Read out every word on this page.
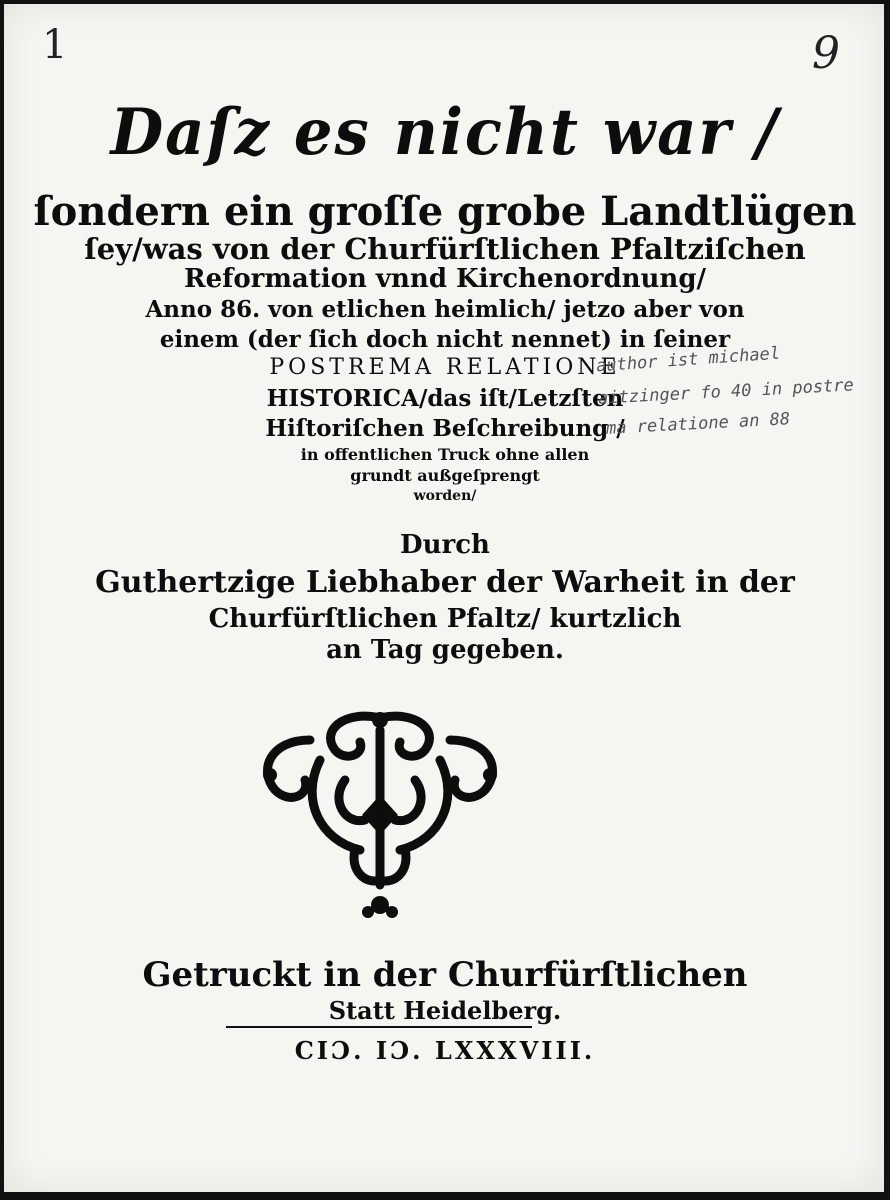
1	9
Daſz es nicht war /
ſondern ein groſſe grobe Landtlügen
ſey/was von der Churfürſtlichen Pfaltziſchen
Reformation vnnd Kirchenordnung/
Anno 86. von etlichen heimlich/ jetzo aber von
einem (der ſich doch nicht nennet) in ſeiner
POSTREMA RELATIONE
HISTORICA/das iſt/Letzſten
Hiſtoriſchen Beſchreibung /
in offentlichen Truck ohne allen
grundt außgeſprengt
worden/
Durch
Guthertzige Liebhaber der Warheit in der
Churfürſtlichen Pfaltz/ kurtzlich
an Tag gegeben.
Getruckt in der Churfürſtlichen
Statt Heidelberg.
CIƆ. IƆ. LXXXVIII.
author ist michael
aitzinger fo 40 in postre
ma relatione an 88
